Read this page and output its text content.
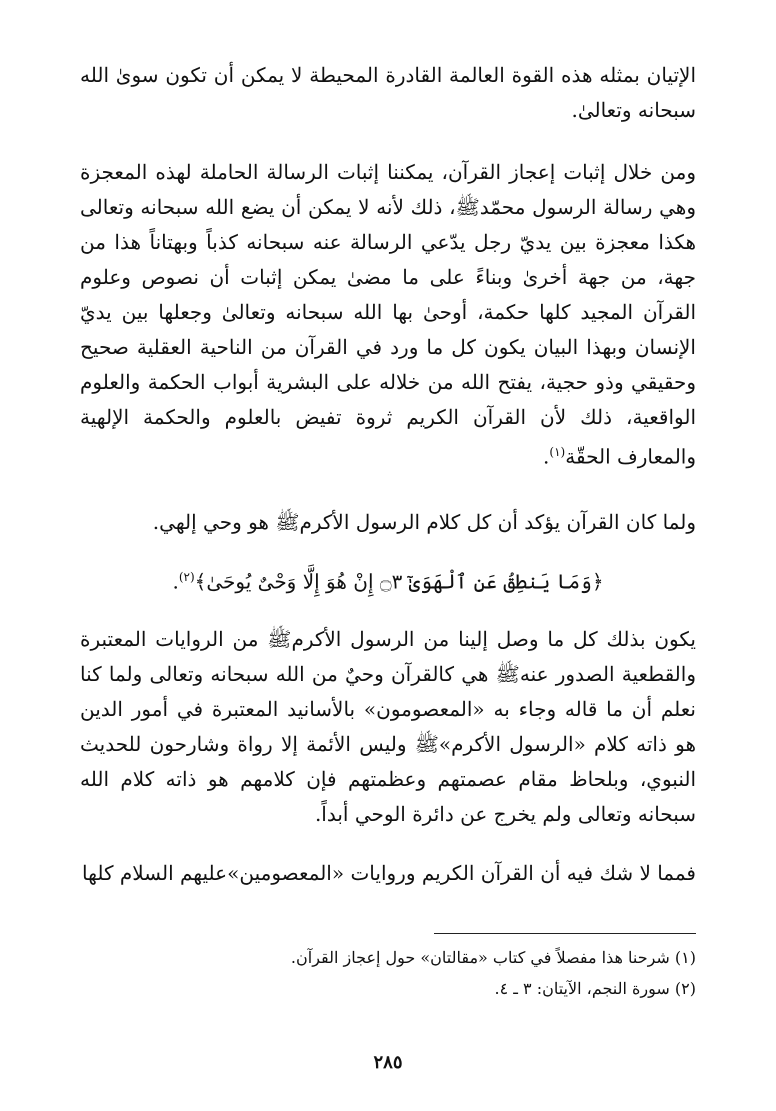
الإتيان بمثله هذه القوة العالمة القادرة المحيطة لا يمكن أن تكون سوىٰ الله سبحانه وتعالىٰ.

ومن خلال إثبات إعجاز القرآن، يمكننا إثبات الرسالة الحاملة لهذه المعجزة وهي رسالة الرسول محمّدﷺ، ذلك لأنه لا يمكن أن يضع الله سبحانه وتعالى هكذا معجزة بين يديّ رجل يدّعي الرسالة عنه سبحانه كذباً وبهتاناً هذا من جهة، من جهة أخرىٰ وبناءً على ما مضىٰ يمكن إثبات أن نصوص وعلوم القرآن المجيد كلها حكمة، أوحىٰ بها الله سبحانه وتعالىٰ وجعلها بين يديّ الإنسان وبهذا البيان يكون كل ما ورد في القرآن من الناحية العقلية صحيح وحقيقي وذو حجية، يفتح الله من خلاله على البشرية أبواب الحكمة والعلوم الواقعية، ذلك لأن القرآن الكريم ثروة تفيض بالعلوم والحكمة الإلهية والمعارف الحقّة$^{(١)}$.

ولما كان القرآن يؤكد أن كل كلام الرسول الأكرمﷺ هو وحي إلهي.

﴿وَمَا يَنطِقُ عَنِ ٱلْهَوَىٰٓ ۝٣ إِنْ هُوَ إِلَّا وَحْىٌ يُوحَىٰ﴾$^{(٢)}$.

يكون بذلك كل ما وصل إلينا من الرسول الأكرمﷺ من الروايات المعتبرة والقطعية الصدور عنهﷺ هي كالقرآن وحيٌ من الله سبحانه وتعالى ولما كنا نعلم أن ما قاله وجاء به «المعصومون» بالأسانيد المعتبرة في أمور الدين هو ذاته كلام «الرسول الأكرم»ﷺ وليس الأئمة إلا رواة وشارحون للحديث النبوي، وبلحاظ مقام عصمتهم وعظمتهم فإن كلامهم هو ذاته كلام الله سبحانه وتعالى ولم يخرج عن دائرة الوحي أبداً.

فمما لا شك فيه أن القرآن الكريم وروايات «المعصومين»عليهم السلام كلها

(١) شرحنا هذا مفصلاً في كتاب «مقالتان» حول إعجاز القرآن.
(٢) سورة النجم، الآيتان: ٣ ـ ٤.
٢٨٥
